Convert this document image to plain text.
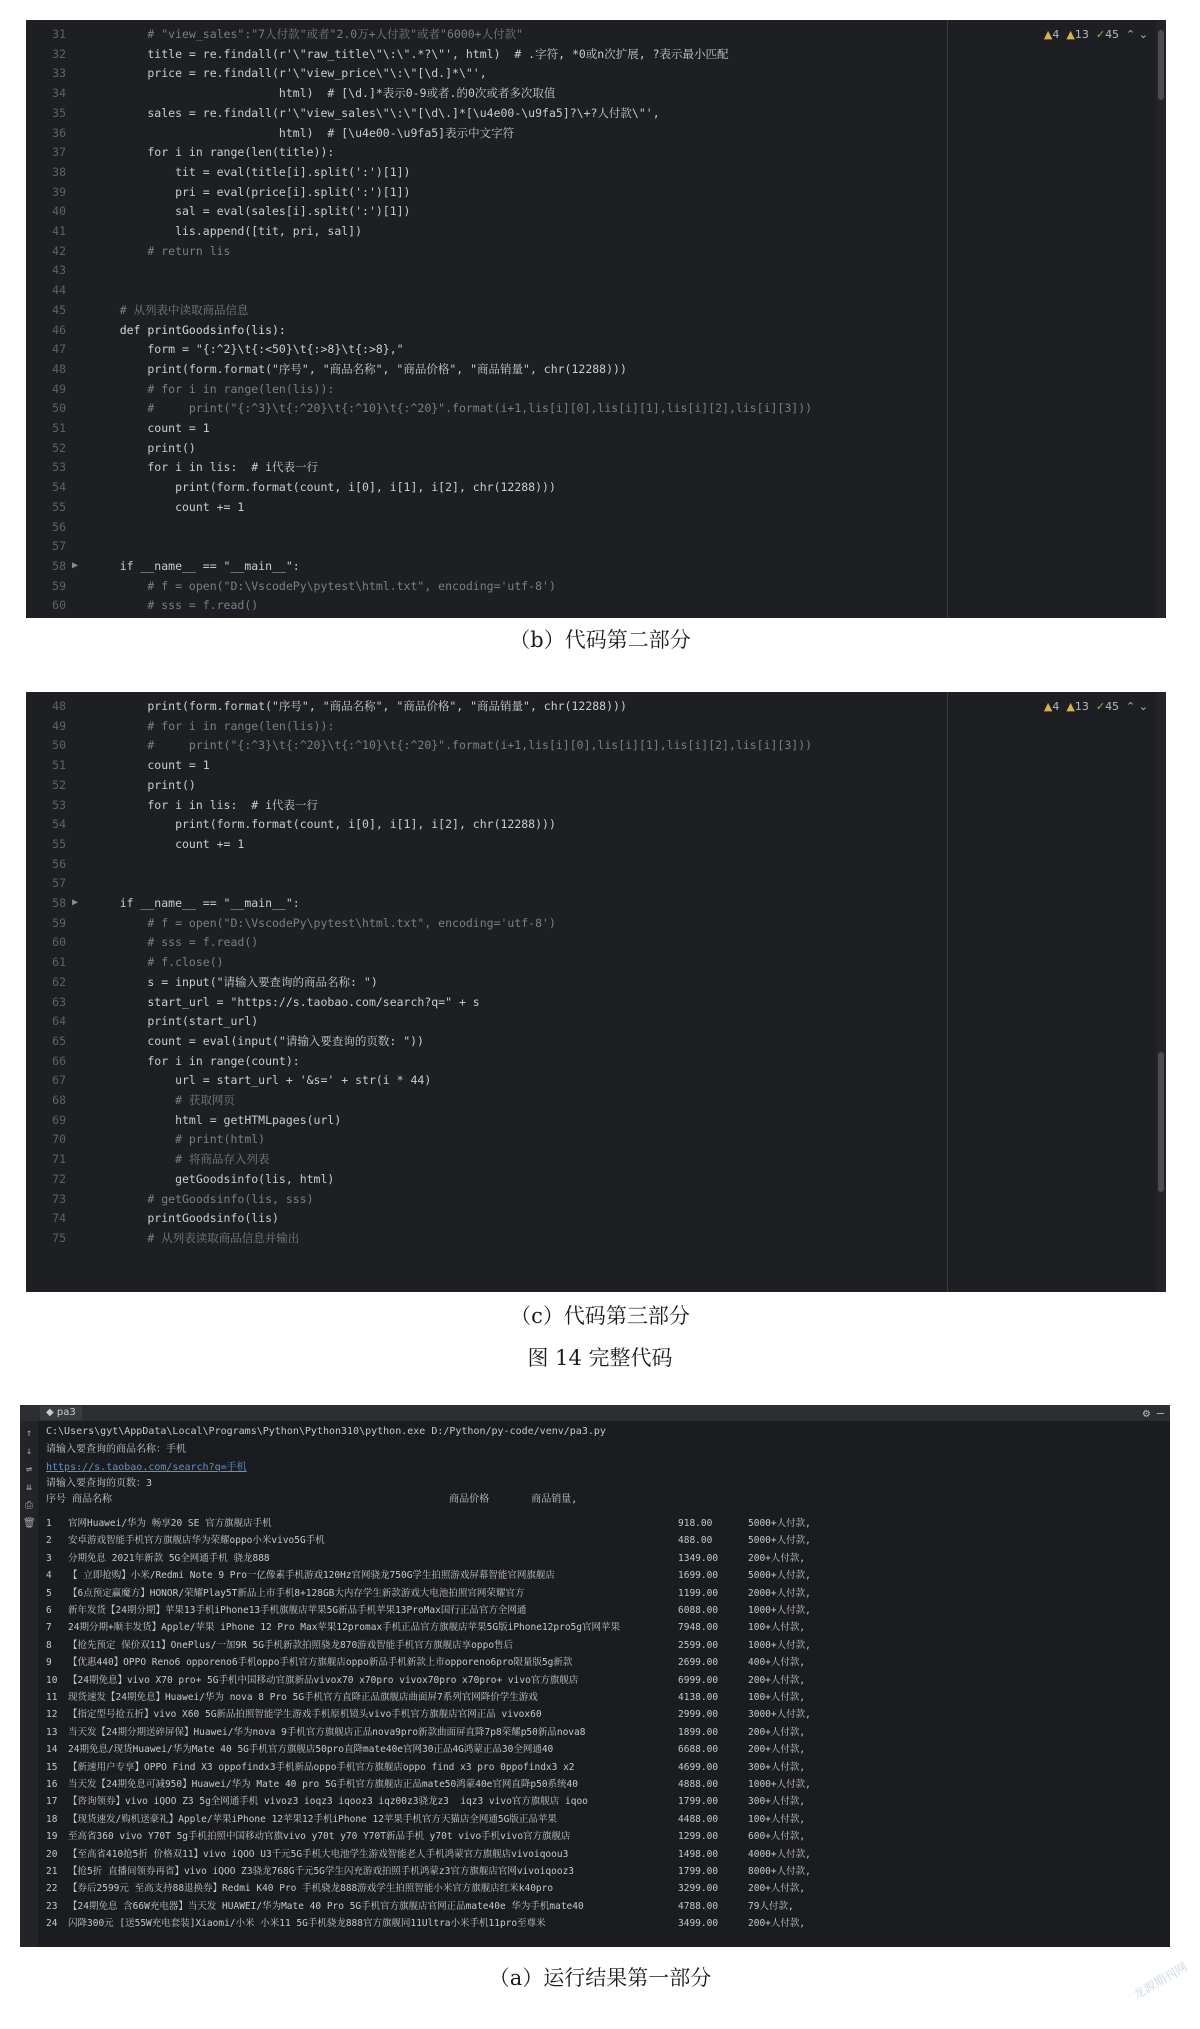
31 # "view_sales":"7人付款"或者"2.0万+人付款"或者"6000+人付款"
32 title = re.findall(r'\"raw_title\"\:\".*?\"', html)  # .字符, *0或n次扩展, ?表示最小匹配
33 price = re.findall(r'\"view_price\"\:\"[\d.]*\"',
34 html)  # [\d.]*表示0-9或者.的0次或者多次取值
35 sales = re.findall(r'\"view_sales\"\:\"[\d\.]*[\u4e00-\u9fa5]?\+?人付款\"',
36 html)  # [\u4e00-\u9fa5]表示中文字符
37 for i in range(len(title)):
38 tit = eval(title[i].split(':')[1])
39 pri = eval(price[i].split(':')[1])
40 sal = eval(sales[i].split(':')[1])
41 lis.append([tit, pri, sal])
42 # return lis
43
44
45 # 从列表中读取商品信息
46 def printGoodsinfo(lis):
47 form = "{:^2}\t{:<50}\t{:>8}\t{:>8},"
48 print(form.format("序号", "商品名称", "商品价格", "商品销量", chr(12288)))
49 # for i in range(len(lis)):
50 #     print("{:^3}\t{:^20}\t{:^10}\t{:^20}".format(i+1,lis[i][0],lis[i][1],lis[i][2],lis[i][3]))
51 count = 1
52 print()
53 for i in lis:  # i代表一行
54 print(form.format(count, i[0], i[1], i[2], chr(12288)))
55 count += 1
56
57
58 ▶	if __name__ == "__main__":
59 # f = open("D:\VscodePy\pytest\html.txt", encoding='utf-8')
60 # sss = f.read()
▲4  ▲13  ✓45  ⌃ ⌄
（b）代码第二部分
48 print(form.format("序号", "商品名称", "商品价格", "商品销量", chr(12288)))
49 # for i in range(len(lis)):
50 #     print("{:^3}\t{:^20}\t{:^10}\t{:^20}".format(i+1,lis[i][0],lis[i][1],lis[i][2],lis[i][3]))
51 count = 1
52 print()
53 for i in lis:  # i代表一行
54 print(form.format(count, i[0], i[1], i[2], chr(12288)))
55 count += 1
56
57
58 ▶	if __name__ == "__main__":
59 # f = open("D:\VscodePy\pytest\html.txt", encoding='utf-8')
60 # sss = f.read()
61 # f.close()
62 s = input("请输入要查询的商品名称: ")
63 start_url = "https://s.taobao.com/search?q=" + s
64 print(start_url)
65 count = eval(input("请输入要查询的页数: "))
66 for i in range(count):
67 url = start_url + '&s=' + str(i * 44)
68 # 获取网页
69 html = getHTMLpages(url)
70 # print(html)
71 # 将商品存入列表
72 getGoodsinfo(lis, html)
73 # getGoodsinfo(lis, sss)
74 printGoodsinfo(lis)
75 # 从列表读取商品信息并输出
▲4  ▲13  ✓45  ⌃ ⌄
（c）代码第三部分
图 14 完整代码
◆ pa3	⚙ —
↑
↓
⇌
⇊
⎙
🗑
C:\Users\gyt\AppData\Local\Programs\Python\Python310\python.exe D:/Python/py-code/venv/pa3.py
请输入要查询的商品名称：手机
https://s.taobao.com/search?q=手机
请输入要查询的页数：3
序号 商品名称                                                        商品价格       商品销量,
1 官网Huawei/华为 畅享20 SE 官方旗舰店手机	918.00	5000+人付款,
2 安卓游戏智能手机官方旗舰店华为荣耀oppo小米vivo5G手机	488.00	5000+人付款,
3 分期免息 2021年新款 5G全网通手机 骁龙888	1349.00	200+人付款,
4 【 立即抢购】小米/Redmi Note 9 Pro一亿像素手机游戏120Hz官网骁龙750G学生拍照游戏屏幕智能官网旗舰店	1699.00	5000+人付款,
5 【6点预定赢魔方】HONOR/荣耀Play5T新品上市手机8+128GB大内存学生新款游戏大电池拍照官网荣耀官方	1199.00	2000+人付款,
6 新年发货【24期分期】苹果13手机iPhone13手机旗舰店苹果5G新品手机苹果13ProMax国行正品官方全网通	6088.00	1000+人付款,
7 24期分期+顺丰发货】Apple/苹果 iPhone 12 Pro Max苹果12promax手机正品官方旗舰店苹果5G版iPhone12pro5g官网苹果	7948.00	100+人付款,
8 【抢先预定 保价双11】OnePlus/一加9R 5G手机新款拍照骁龙870游戏智能手机官方旗舰店享oppo售后	2599.00	1000+人付款,
9 【优惠440】OPPO Reno6 opporeno6手机oppo手机官方旗舰店oppo新品手机新款上市opporeno6pro限量版5g新款	2699.00	400+人付款,
10 【24期免息】vivo X70 pro+ 5G手机中国移动官旗新品vivox70 x70pro vivox70pro x70pro+ vivo官方旗舰店	6999.00	200+人付款,
11 现货速发【24期免息】Huawei/华为 nova 8 Pro 5G手机官方直降正品旗舰店曲面屏7系列官网降价学生游戏	4138.00	100+人付款,
12 【指定型号抢五折】vivo X60 5G新品拍照智能学生游戏手机原机镜头vivo手机官方旗舰店官网正品 vivox60	2999.00	3000+人付款,
13 当天发【24期分期送碎屏保】Huawei/华为nova 9手机官方旗舰店正品nova9pro新款曲面屏直降7p8荣耀p50新品nova8	1899.00	200+人付款,
14 24期免息/现货Huawei/华为Mate 40 5G手机官方旗舰店50pro直降mate40e官网30正品4G鸿蒙正品30全网通40	6688.00	200+人付款,
15 【新速用户专享】OPPO Find X3 oppofindx3手机新品oppo手机官方旗舰店oppo find x3 pro 0ppofindx3 x2	4699.00	300+人付款,
16 当天发【24期免息可减950】Huawei/华为 Mate 40 pro 5G手机官方旗舰店正品mate50鸿蒙40e官网直降p50系统40	4888.00	1000+人付款,
17 【咨询领券】vivo iQOO Z3 5g全网通手机 vivoz3 ioqz3 iqooz3 iqz00z3骁龙z3  iqz3 vivo官方旗舰店 iqoo	1799.00	300+人付款,
18 【现货速发/购机送豪礼】Apple/苹果iPhone 12苹果12手机iPhone 12苹果手机官方天猫店全网通5G版正品苹果	4488.00	100+人付款,
19 至高省360 vivo Y70T 5g手机拍照中国移动官旗vivo y70t y70 Y70T新品手机 y70t vivo手机vivo官方旗舰店	1299.00	600+人付款,
20 【至高省410抢5折 价格双11】vivo iQOO U3千元5G手机大电池学生游戏智能老人手机鸿蒙官方旗舰店vivoiqoou3	1498.00	4000+人付款,
21 【抢5折 直播间领券再省】vivo iQOO Z3骁龙768G千元5G学生闪充游戏拍照手机鸿蒙z3官方旗舰店官网vivoiqooz3	1799.00	8000+人付款,
22 【券后2599元 至高支持88退换券】Redmi K40 Pro 手机骁龙888游戏学生拍照智能小米官方旗舰店红米k40pro	3299.00	200+人付款,
23 【24期免息 含66W充电器】当天发 HUAWEI/华为Mate 40 Pro 5G手机官方旗舰店官网正品mate40e 华为手机mate40	4788.00	79人付款,
24 闪降300元 [送55W充电套装]Xiaomi/小米 小米11 5G手机骁龙888官方旗舰同11Ultra小米手机11pro至尊米	3499.00	200+人付款,
（a）运行结果第一部分	龙源期刊网
